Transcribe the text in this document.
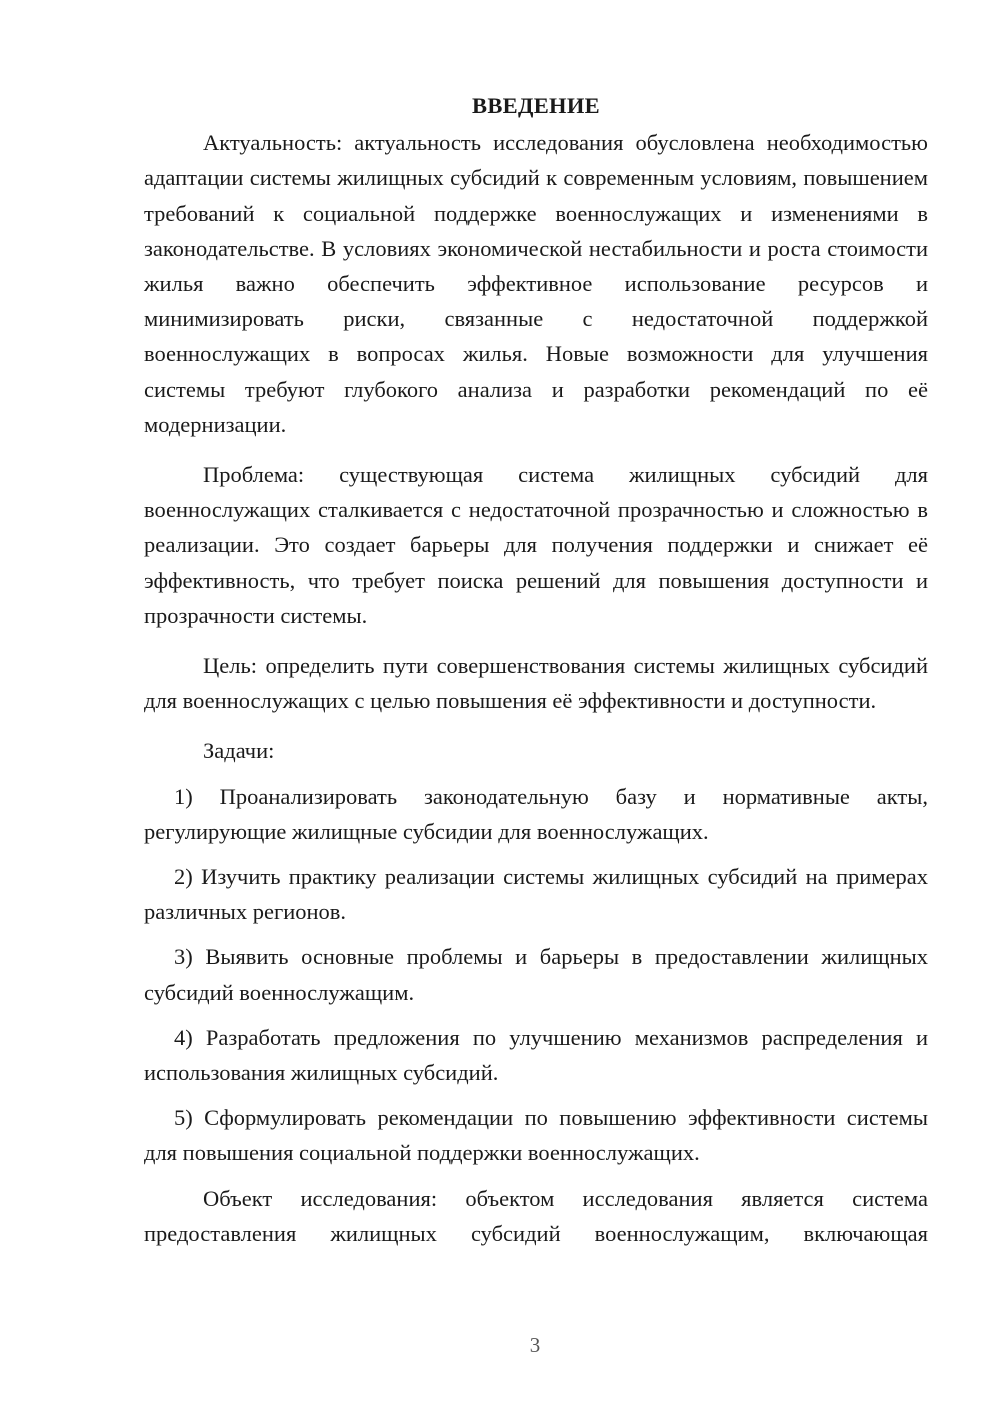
ВВЕДЕНИЕ

Актуальность: актуальность исследования обусловлена необходимостью адаптации системы жилищных субсидий к современным условиям, повышением требований к социальной поддержке военнослужащих и изменениями в законодательстве. В условиях экономической нестабильности и роста стоимости жилья важно обеспечить эффективное использование ресурсов и минимизировать риски, связанные с недостаточной поддержкой военнослужащих в вопросах жилья. Новые возможности для улучшения системы требуют глубокого анализа и разработки рекомендаций по её модернизации.

Проблема: существующая система жилищных субсидий для военнослужащих сталкивается с недостаточной прозрачностью и сложностью в реализации. Это создает барьеры для получения поддержки и снижает её эффективность, что требует поиска решений для повышения доступности и прозрачности системы.

Цель: определить пути совершенствования системы жилищных субсидий для военнослужащих с целью повышения её эффективности и доступности.

Задачи:

1) Проанализировать законодательную базу и нормативные акты, регулирующие жилищные субсидии для военнослужащих.

2) Изучить практику реализации системы жилищных субсидий на примерах различных регионов.

3) Выявить основные проблемы и барьеры в предоставлении жилищных субсидий военнослужащим.

4) Разработать предложения по улучшению механизмов распределения и использования жилищных субсидий.

5) Сформулировать рекомендации по повышению эффективности системы для повышения социальной поддержки военнослужащих.

Объект исследования: объектом исследования является система предоставления жилищных субсидий военнослужащим, включающая

3
